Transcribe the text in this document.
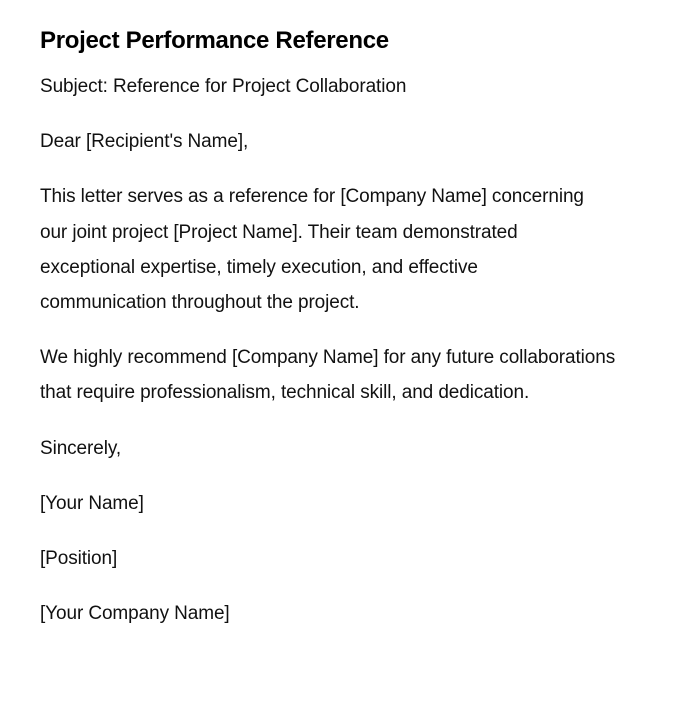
Project Performance Reference

Subject: Reference for Project Collaboration

Dear [Recipient's Name],

This letter serves as a reference for [Company Name] concerning our joint project [Project Name]. Their team demonstrated exceptional expertise, timely execution, and effective communication throughout the project.

We highly recommend [Company Name] for any future collaborations that require professionalism, technical skill, and dedication.

Sincerely,

[Your Name]

[Position]

[Your Company Name]
